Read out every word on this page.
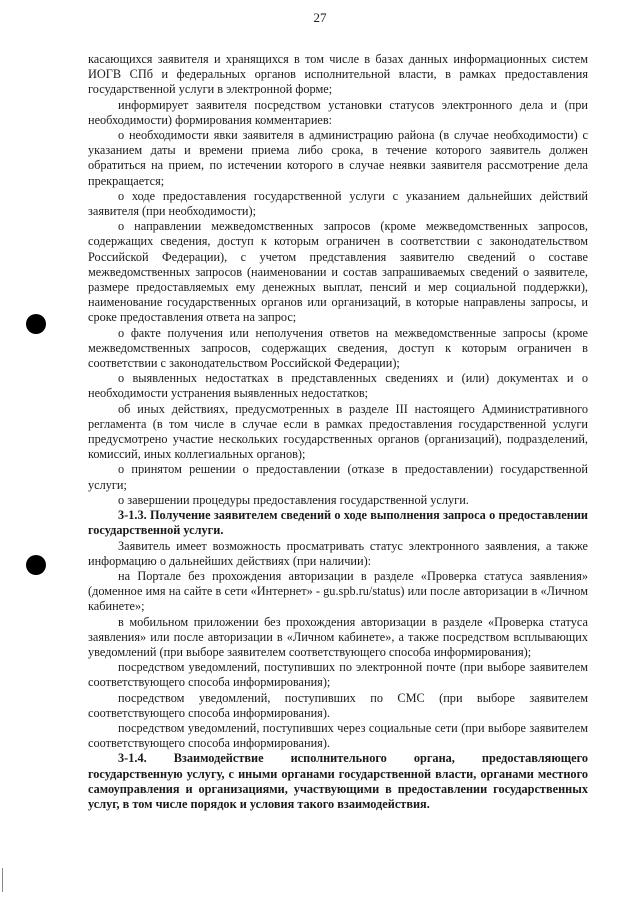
27

касающихся заявителя и хранящихся в том числе в базах данных информационных систем ИОГВ СПб и федеральных органов исполнительной власти, в рамках предоставления государственной услуги в электронной форме;

информирует заявителя посредством установки статусов электронного дела и (при необходимости) формирования комментариев:

о необходимости явки заявителя в администрацию района (в случае необходимости) с указанием даты и времени приема либо срока, в течение которого заявитель должен обратиться на прием, по истечении которого в случае неявки заявителя рассмотрение дела прекращается;

о ходе предоставления государственной услуги с указанием дальнейших действий заявителя (при необходимости);

о направлении межведомственных запросов (кроме межведомственных запросов, содержащих сведения, доступ к которым ограничен в соответствии с законодательством Российской Федерации), с учетом представления заявителю сведений о составе межведомственных запросов (наименовании и состав запрашиваемых сведений о заявителе, размере предоставляемых ему денежных выплат, пенсий и мер социальной поддержки), наименование государственных органов или организаций, в которые направлены запросы, и сроке предоставления ответа на запрос;

о факте получения или неполучения ответов на межведомственные запросы (кроме межведомственных запросов, содержащих сведения, доступ к которым ограничен в соответствии с законодательством Российской Федерации);

о выявленных недостатках в представленных сведениях и (или) документах и о необходимости устранения выявленных недостатков;

об иных действиях, предусмотренных в разделе III настоящего Административного регламента (в том числе в случае если в рамках предоставления государственной услуги предусмотрено участие нескольких государственных органов (организаций), подразделений, комиссий, иных коллегиальных органов);

о принятом решении о предоставлении (отказе в предоставлении) государственной услуги;

о завершении процедуры предоставления государственной услуги.

3-1.3. Получение заявителем сведений о ходе выполнения запроса о предоставлении государственной услуги.

Заявитель имеет возможность просматривать статус электронного заявления, а также информацию о дальнейших действиях (при наличии):

на Портале без прохождения авторизации в разделе «Проверка статуса заявления» (доменное имя на сайте в сети «Интернет» - gu.spb.ru/status) или после авторизации в «Личном кабинете»;

в мобильном приложении без прохождения авторизации в разделе «Проверка статуса заявления» или после авторизации в «Личном кабинете», а также посредством всплывающих уведомлений (при выборе заявителем соответствующего способа информирования);

посредством уведомлений, поступивших по электронной почте (при выборе заявителем соответствующего способа информирования);

посредством уведомлений, поступивших по СМС (при выборе заявителем соответствующего способа информирования).

посредством уведомлений, поступивших через социальные сети (при выборе заявителем соответствующего способа информирования).

3-1.4. Взаимодействие исполнительного органа, предоставляющего государственную услугу, с иными органами государственной власти, органами местного самоуправления и организациями, участвующими в предоставлении государственных услуг, в том числе порядок и условия такого взаимодействия.
